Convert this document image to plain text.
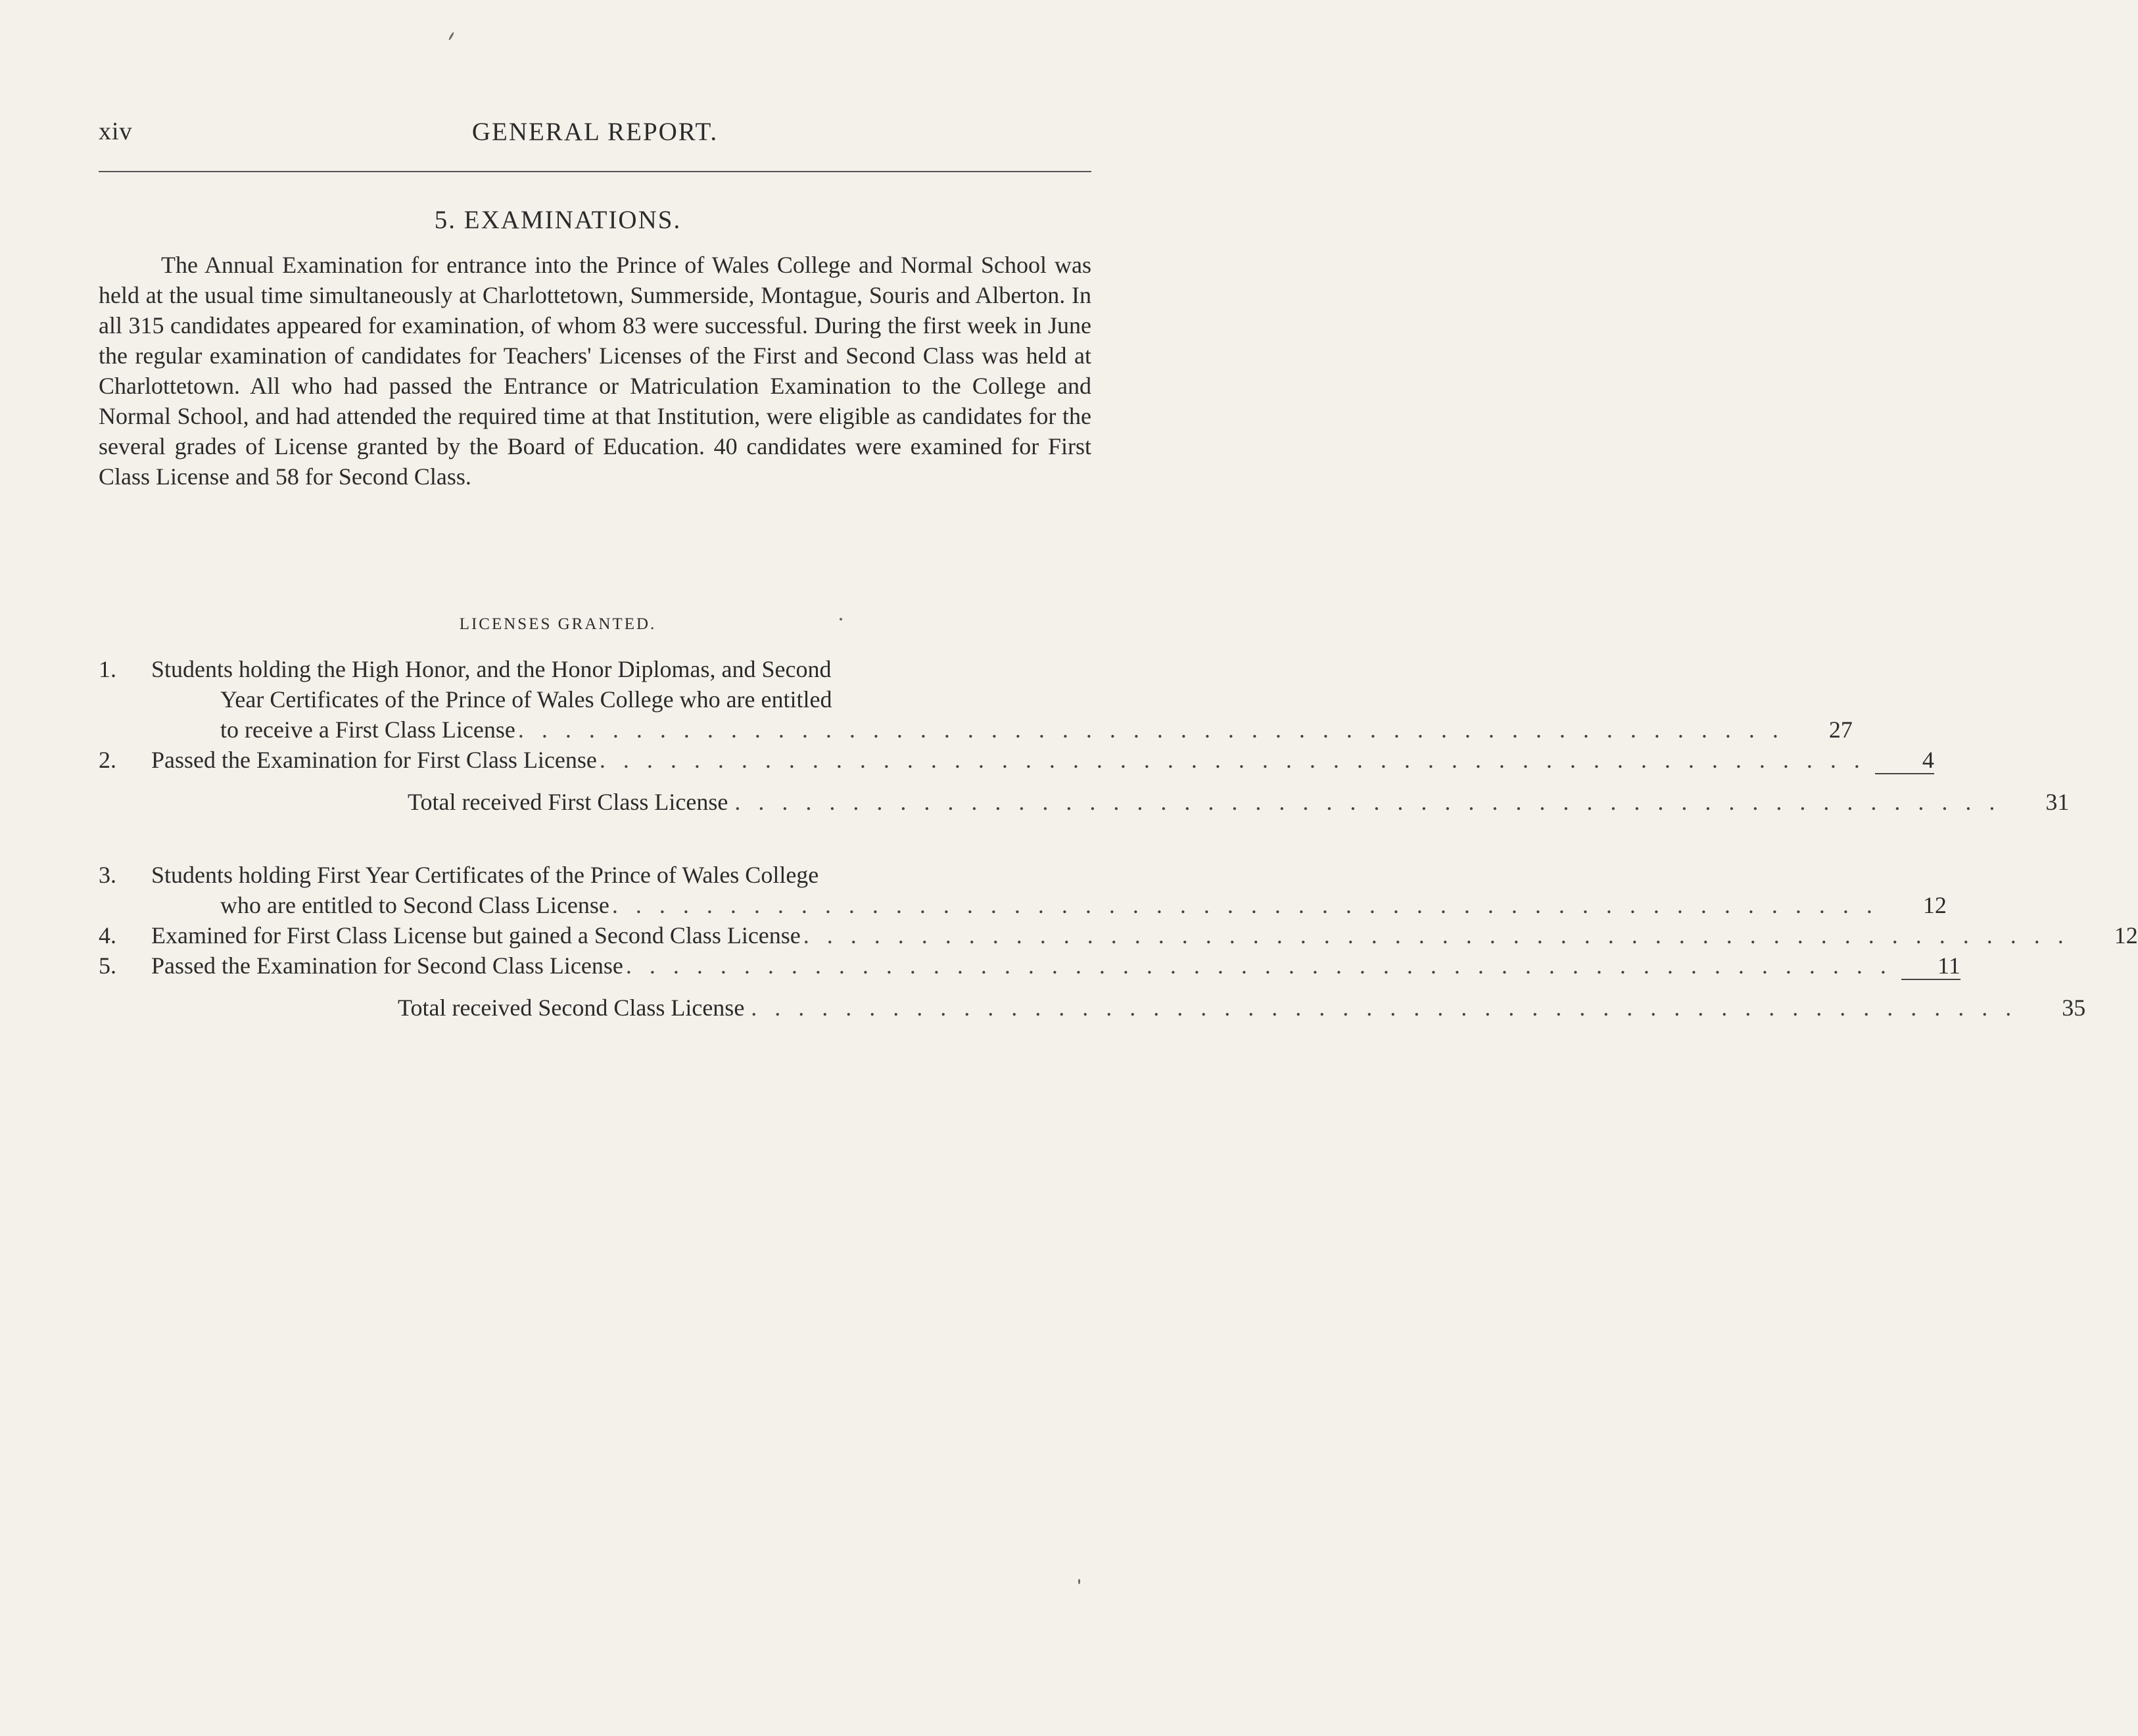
xiv	GENERAL REPORT.
5. EXAMINATIONS.

The Annual Examination for entrance into the Prince of Wales College and Normal School was held at the usual time simultaneously at Charlottetown, Summerside, Montague, Souris and Alberton. In all 315 candidates appeared for examination, of whom 83 were successful. During the first week in June the regular examination of candidates for Teachers' Licenses of the First and Second Class was held at Charlottetown. All who had passed the Entrance or Matriculation Examination to the College and Normal School, and had attended the required time at that Institution, were eligible as candidates for the several grades of License granted by the Board of Education. 40 candidates were examined for First Class License and 58 for Second Class.

LICENSES GRANTED.
1.	Students holding the High Honor, and the Honor Diplomas, and Second
Year Certificates of the Prince of Wales College who are entitled
to receive a First Class License . . . . . . . . . . . . . . . . . . . . . . . . . . . . . . . . . . . . . . . . . . . . . . . . . . . . . .	27
2. Passed the Examination for First Class License . . . . . . . . . . . . . . . . . . . . . . . . . . . . . . . . . . . . . . . . . . . . . . . . . . . . . .	4
Total received First Class License . . . . . . . . . . . . . . . . . . . . . . . . . . . . . . . . . . . . . . . . . . . . . . . . . . . . . .	31
3.	Students holding First Year Certificates of the Prince of Wales College
who are entitled to Second Class License . . . . . . . . . . . . . . . . . . . . . . . . . . . . . . . . . . . . . . . . . . . . . . . . . . . . . .	12
4. Examined for First Class License but gained a Second Class License . . . . . . . . . . . . . . . . . . . . . . . . . . . . . . . . . . . . . . . . . . . . . . . . . . . . . .	12
5. Passed the Examination for Second Class License . . . . . . . . . . . . . . . . . . . . . . . . . . . . . . . . . . . . . . . . . . . . . . . . . . . . . .	11
Total received Second Class License . . . . . . . . . . . . . . . . . . . . . . . . . . . . . . . . . . . . . . . . . . . . . . . . . . . . . .	35
